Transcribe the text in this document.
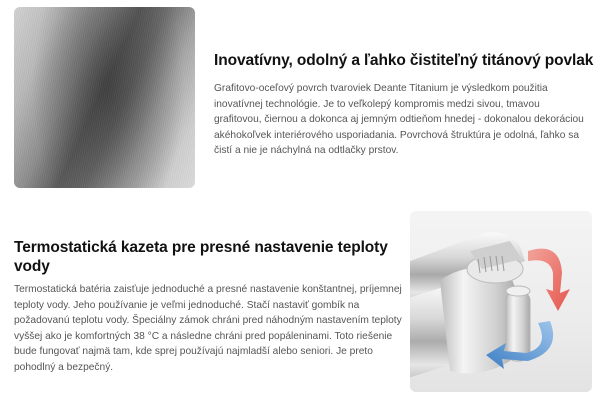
Inovatívny, odolný a ľahko čistiteľný titánový povlak

Grafitovo-oceľový povrch tvaroviek Deante Titanium je výsledkom použitia inovatívnej technológie. Je to veľkolepý kompromis medzi sivou, tmavou grafitovou, čiernou a dokonca aj jemným odtieňom hnedej - dokonalou dekoráciou akéhokoľvek interiérového usporiadania. Povrchová štruktúra je odolná, ľahko sa čistí a nie je náchylná na odtlačky prstov.

Termostatická kazeta pre presné nastavenie teploty vody

Termostatická batéria zaisťuje jednoduché a presné nastavenie konštantnej, príjemnej teploty vody. Jeho používanie je veľmi jednoduché. Stačí nastaviť gombík na požadovanú teplotu vody. Špeciálny zámok chráni pred náhodným nastavením teploty vyššej ako je komfortných 38 °C a následne chráni pred popáleninami. Toto riešenie bude fungovať najmä tam, kde sprej používajú najmladší alebo seniori. Je preto pohodlný a bezpečný.
